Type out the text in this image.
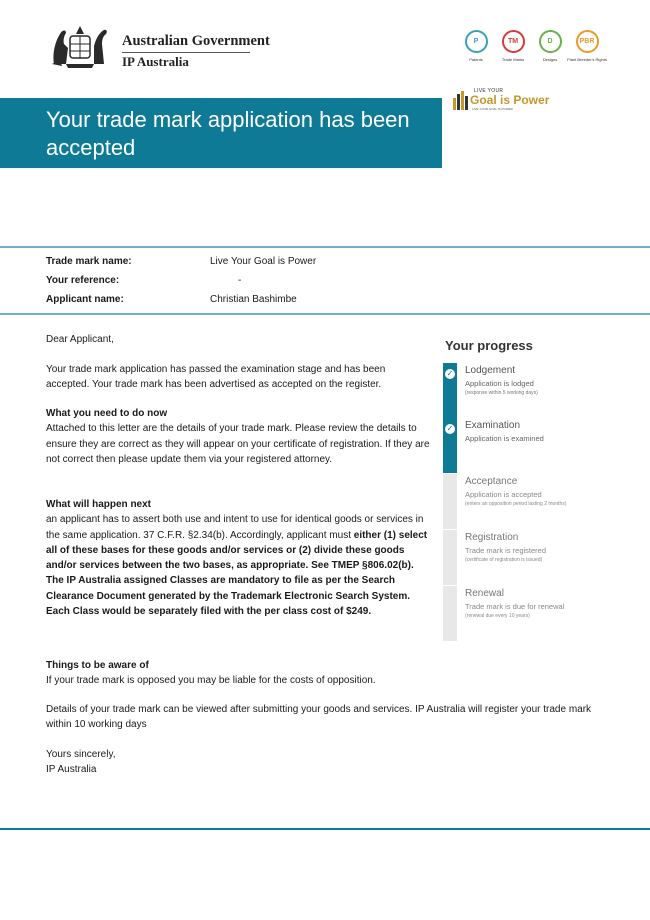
Australian Government
IP Australia
P
Patents
TM
Trade Marks
D
Designs
PBR
Plant Breeder's Rights
LIVE YOUR
Goal is Power
LIVE YOUR GOAL IS POWER
Your trade mark application has been accepted
Trade mark name:	Live Your Goal is Power
Your reference:	-
Applicant name:	Christian Bashimbe

Dear Applicant,

Your trade mark application has passed the examination stage and has been accepted. Your trade mark has been advertised as accepted on the register.

What you need to do now

Attached to this letter are the details of your trade mark. Please review the details to ensure they are correct as they will appear on your certificate of registration. If they are not correct then please update them via your registered attorney.

What will happen next

an applicant has to assert both use and intent to use for identical goods or services in the same application. 37 C.F.R. §2.34(b). Accordingly, applicant must either (1) select all of these bases for these goods and/or services or (2) divide these goods and/or services between the two bases, as appropriate. See TMEP §806.02(b). The IP Australia assigned Classes are mandatory to file as per the Search Clearance Document generated by the Trademark Electronic Search System. Each Class would be separately filed with the per class cost of $249.

Things to be aware of

If your trade mark is opposed you may be liable for the costs of opposition.

Details of your trade mark can be viewed after submitting your goods and services. IP Australia will register your trade mark within 10 working days

Yours sincerely,

IP Australia

Your progress
✓ Lodgement
Application is lodged
(response within 5 working days)
✓ Examination
Application is examined
Acceptance
Application is accepted
(enters an opposition period lasting 2 months)
Registration
Trade mark is registered
(certificate of registration is issued)
Renewal
Trade mark is due for renewal
(renewal due every 10 years)
